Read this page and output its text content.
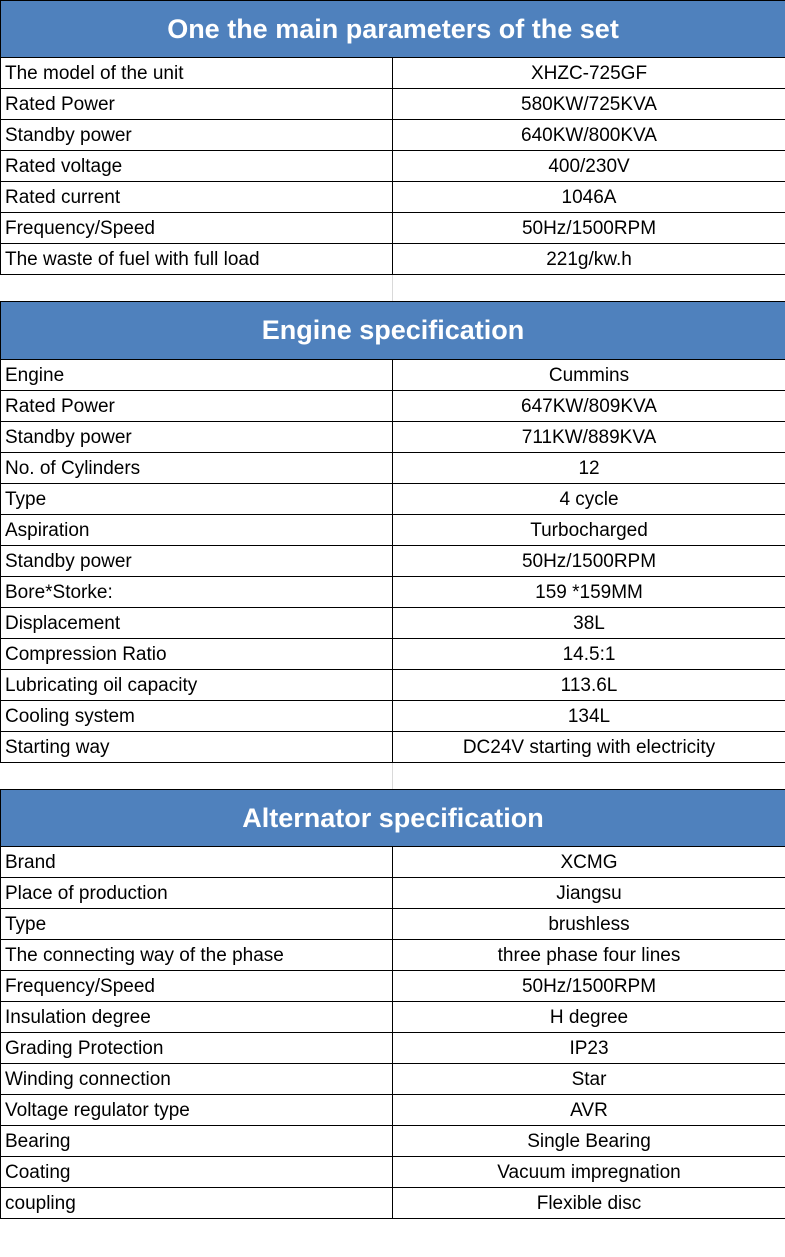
One the main parameters of the set	
The model of the unit	XHZC-725GF
Rated Power	580KW/725KVA
Standby power	640KW/800KVA
Rated voltage	400/230V
Rated current	1046A
Frequency/Speed	50Hz/1500RPM
The waste of fuel with full load	221g/kw.h

Engine specification	
Engine	Cummins
Rated Power	647KW/809KVA
Standby power	711KW/889KVA
No. of Cylinders	12
Type	4 cycle
Aspiration	Turbocharged
Standby power	50Hz/1500RPM
Bore*Storke:	159 *159MM
Displacement	38L
Compression Ratio	14.5:1
Lubricating oil capacity	113.6L
Cooling system	134L
Starting way	DC24V starting with electricity

Alternator specification	
Brand	XCMG
Place of production	Jiangsu
Type	brushless
The connecting way of the phase	three phase four lines
Frequency/Speed	50Hz/1500RPM
Insulation degree	H degree
Grading Protection	IP23
Winding connection	Star
Voltage regulator type	AVR
Bearing	Single Bearing
Coating	Vacuum impregnation
coupling	Flexible disc
